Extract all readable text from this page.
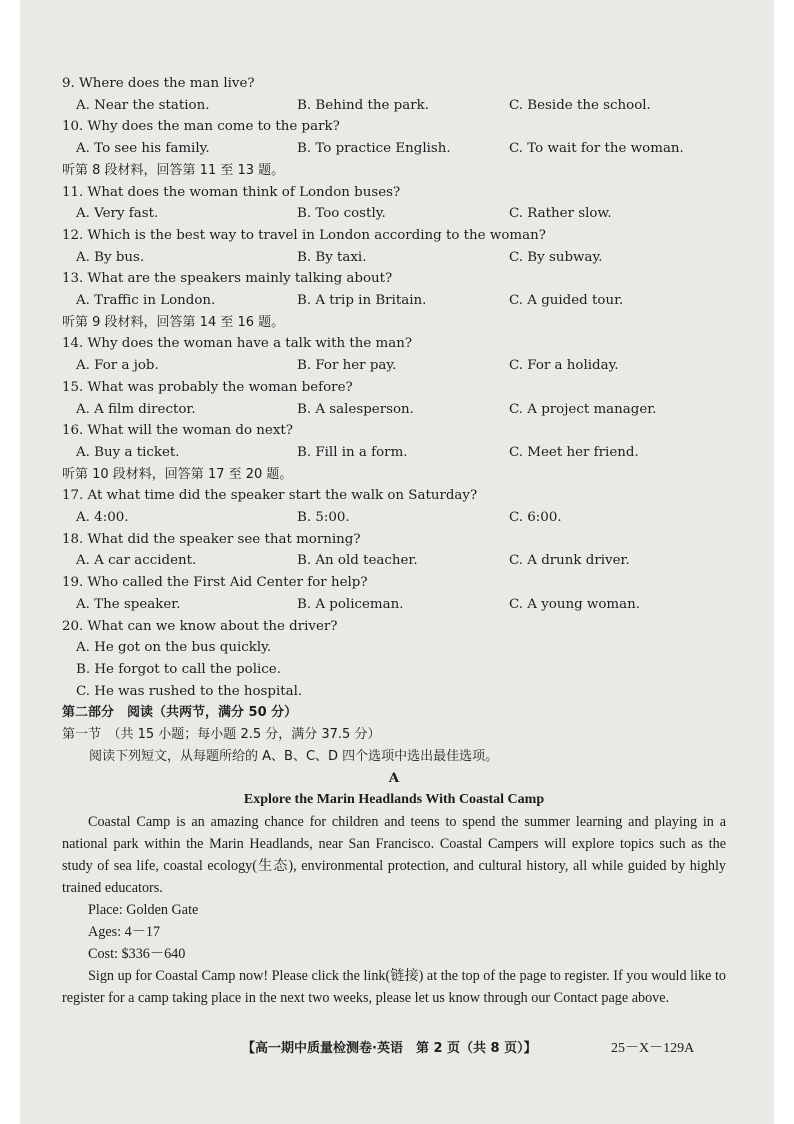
9. Where does the man live?
A. Near the station.	B. Behind the park.	C. Beside the school.
10. Why does the man come to the park?
A. To see his family.	B. To practice English.	C. To wait for the woman.
听第 8 段材料，回答第 11 至 13 题。
11. What does the woman think of London buses?
A. Very fast.	B. Too costly.	C. Rather slow.
12. Which is the best way to travel in London according to the woman?
A. By bus.	B. By taxi.	C. By subway.
13. What are the speakers mainly talking about?
A. Traffic in London.	B. A trip in Britain.	C. A guided tour.
听第 9 段材料，回答第 14 至 16 题。
14. Why does the woman have a talk with the man?
A. For a job.	B. For her pay.	C. For a holiday.
15. What was probably the woman before?
A. A film director.	B. A salesperson.	C. A project manager.
16. What will the woman do next?
A. Buy a ticket.	B. Fill in a form.	C. Meet her friend.
听第 10 段材料，回答第 17 至 20 题。
17. At what time did the speaker start the walk on Saturday?
A. 4:00.	B. 5:00.	C. 6:00.
18. What did the speaker see that morning?
A. A car accident.	B. An old teacher.	C. A drunk driver.
19. Who called the First Aid Center for help?
A. The speaker.	B. A policeman.	C. A young woman.
20. What can we know about the driver?
A. He got on the bus quickly.
B. He forgot to call the police.
C. He was rushed to the hospital.
第二部分　阅读（共两节，满分 50 分）
第一节　（共 15 小题；每小题 2.5 分，满分 37.5 分）
阅读下列短文，从每题所给的 A、B、C、D 四个选项中选出最佳选项。
A
Explore the Marin Headlands With Coastal Camp
Coastal Camp is an amazing chance for children and teens to spend the summer learning and playing in a national park within the Marin Headlands, near San Francisco. Coastal Campers will explore topics such as the study of sea life, coastal ecology(生态), environmental protection, and cultural history, all while guided by highly trained educators.
Place: Golden Gate
Ages: 4－17
Cost: $336－640
Sign up for Coastal Camp now! Please click the link(链接) at the top of the page to register. If you would like to register for a camp taking place in the next two weeks, please let us know through our Contact page above.
【高一期中质量检测卷·英语　第 2 页（共 8 页）】	25－X－129A
